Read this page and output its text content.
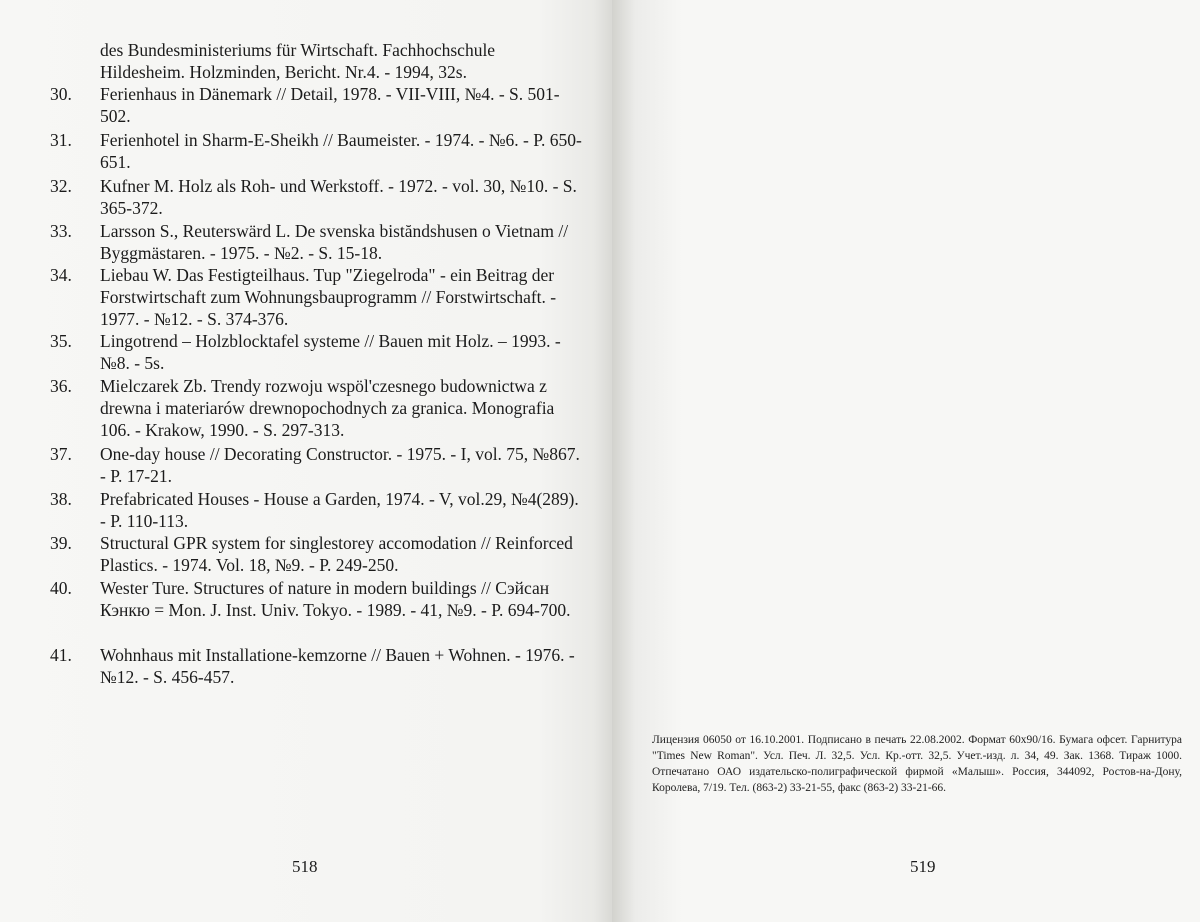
des Bundesministeriums für Wirtschaft. Fachhochschule Hildesheim. Holzminden, Bericht. Nr.4. - 1994, 32s.
30.	Ferienhaus in Dänemark // Detail, 1978. - VII-VIII, №4. - S. 501-502.
31.	Ferienhotel in Sharm-E-Sheikh // Baumeister. - 1974. - №6. - P. 650-651.
32.	Kufner M. Holz als Roh- und Werkstoff. - 1972. - vol. 30, №10. - S. 365-372.
33.	Larsson S., Reuterswärd L. De svenska bistăndshusen o Vietnam // Byggmästaren. - 1975. - №2. - S. 15-18.
34.	Liebau W. Das Festigteilhaus. Tup "Ziegelroda" - ein Beitrag der Forstwirtschaft zum Wohnungsbauprogramm // Forstwirtschaft. - 1977. - №12. - S. 374-376.
35.	Lingotrend – Holzblocktafel systeme // Bauen mit Holz. – 1993. - №8. - 5s.
36.	Mielczarek Zb. Trendy rozwoju wspöl'czesnego budownictwa z drewna i materiarów drewnopochodnych za granica. Monografia 106. - Krakow, 1990. - S. 297-313.
37.	One-day house // Decorating Constructor. - 1975. - I, vol. 75, №867. - P. 17-21.
38.	Prefabricated Houses - House a Garden, 1974. - V, vol.29, №4(289). - P. 110-113.
39.	Structural GPR system for singlestorey accomodation // Reinforced Plastics. - 1974. Vol. 18, №9. - P. 249-250.
40.	Wester Ture. Structures of nature in modern buildings // Сэйсан Кэнкю = Mon. J. Inst. Univ. Tokyo. - 1989. - 41, №9. - P. 694-700.
41.	Wohnhaus mit Installatione-kemzorne // Bauen + Wohnen. - 1976. - №12. - S. 456-457.
518
Лицензия 06050 от 16.10.2001. Подписано в печать 22.08.2002. Формат 60x90/16. Бумага офсет. Гарнитура "Times New Roman". Усл. Печ. Л. 32,5. Усл. Кр.-отт. 32,5. Учет.-изд. л. 34, 49. Зак. 1368. Тираж 1000. Отпечатано ОАО издательско-полиграфической фирмой «Малыш». Россия, 344092, Ростов-на-Дону, Королева, 7/19. Тел. (863-2) 33-21-55, факс (863-2) 33-21-66.
519
